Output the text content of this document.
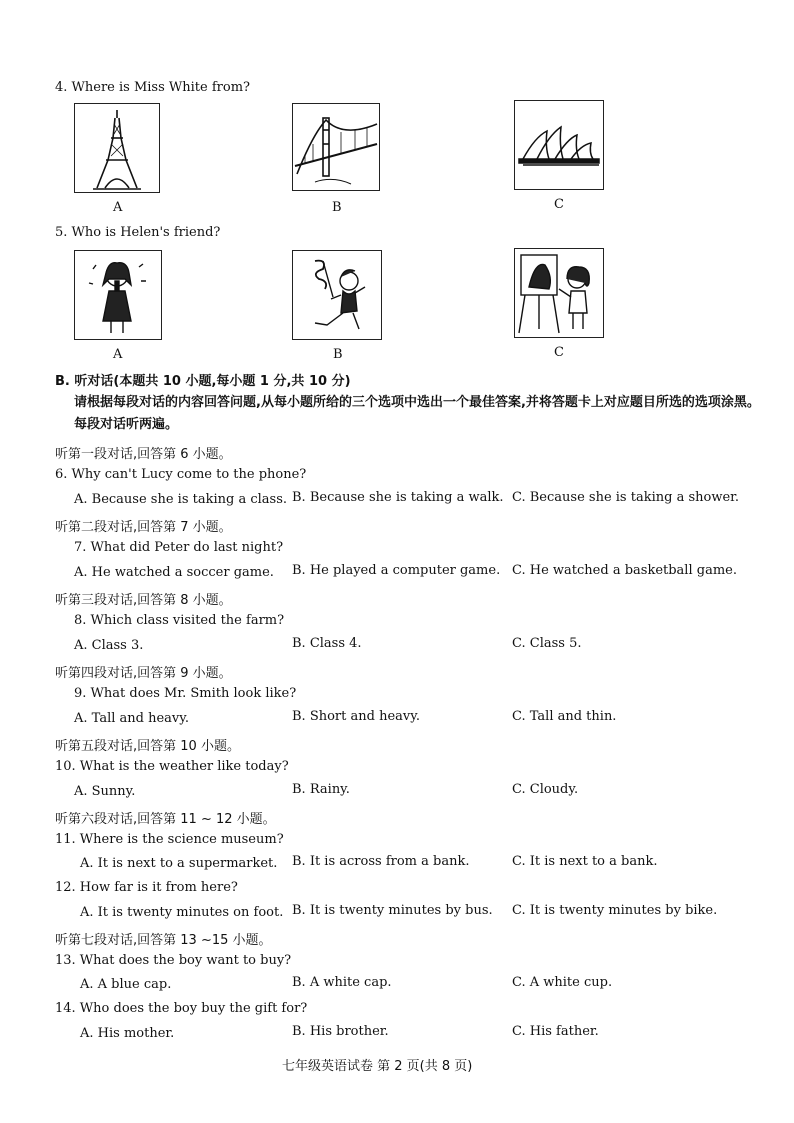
4. Where is Miss White from?
A	B	C
5. Who is Helen's friend?
A	B	C
B. 听对话(本题共 10 小题,每小题 1 分,共 10 分)
请根据每段对话的内容回答问题,从每小题所给的三个选项中选出一个最佳答案,并将答题卡上对应题目所选的选项涂黑。每段对话听两遍。
听第一段对话,回答第 6 小题。
6. Why can't Lucy come to the phone?
A. Because she is taking a class. B. Because she is taking a walk. C. Because she is taking a shower.
听第二段对话,回答第 7 小题。
7. What did Peter do last night?
A. He watched a soccer game. B. He played a computer game. C. He watched a basketball game.
听第三段对话,回答第 8 小题。
8. Which class visited the farm?
A. Class 3.	B. Class 4.	C. Class 5.
听第四段对话,回答第 9 小题。
9. What does Mr. Smith look like?
A. Tall and heavy.	B. Short and heavy.	C. Tall and thin.
听第五段对话,回答第 10 小题。
10. What is the weather like today?
A. Sunny.	B. Rainy.	C. Cloudy.
听第六段对话,回答第 11 ~ 12 小题。
11. Where is the science museum?
A. It is next to a supermarket. B. It is across from a bank.	C. It is next to a bank.
12. How far is it from here?
A. It is twenty minutes on foot. B. It is twenty minutes by bus. C. It is twenty minutes by bike.
听第七段对话,回答第 13 ~15 小题。
13. What does the boy want to buy?
A. A blue cap.	B. A white cap.	C. A white cup.
14. Who does the boy buy the gift for?
A. His mother.	B. His brother.	C. His father.
七年级英语试卷 第 2 页(共 8 页)
